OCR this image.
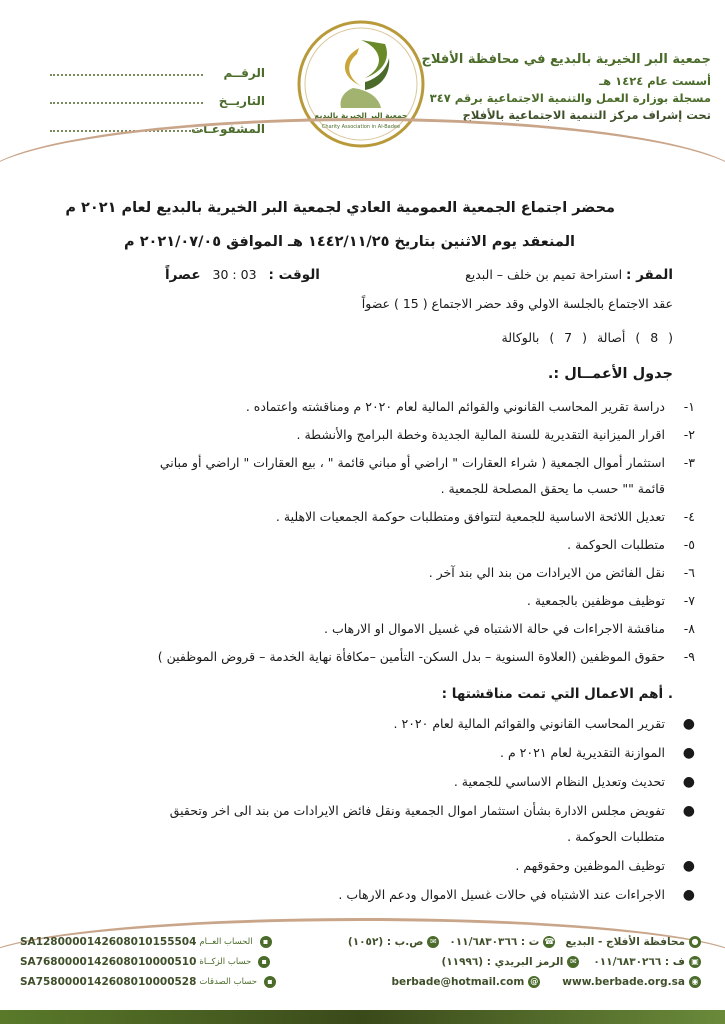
جمعية البر الخيرية بالبديع في محافظة الأفلاج
أسست عام ١٤٢٤ هـ
مسجلة بوزارة العمل والتنمية الاجتماعية برقم ٣٤٧
تحت إشراف مركز التنمية الاجتماعية بالأفلاج
جمعية البر الخيرية بالبديع
Charity Association in Al-Badee
الرقــم
التاريــخ
المشفوعـات
محضر اجتماع الجمعية العمومية العادي لجمعية البر الخيرية بالبديع لعام ٢٠٢١ م
المنعقد يوم الاثنين بتاريخ ١٤٤٢/١١/٢٥ هـ الموافق ٢٠٢١/٠٧/٠٥ م
المقر : استراحة تميم بن خلف – البديع
الوقت : 30 : 03 عصراً
عقد الاجتماع بالجلسة الاولي وقد حضر الاجتماع ( 15 ) عضواً
( 8 ) أصالة ( 7 ) بالوكالة
جدول الأعمــال :.
١-
دراسة تقرير المحاسب القانوني والقوائم المالية لعام ٢٠٢٠ م ومناقشته واعتماده .
٢-
اقرار الميزانية التقديرية للسنة المالية الجديدة وخطة البرامج والأنشطة .
٣-
استثمار أموال الجمعية ( شراء العقارات " اراضي أو مباني قائمة " ، بيع العقارات " اراضي أو مباني
قائمة "" حسب ما يحقق المصلحة للجمعية .
٤-
تعديل اللائحة الاساسية للجمعية لتتوافق ومتطلبات حوكمة الجمعيات الاهلية .
٥-
متطلبات الحوكمة .
٦-
نقل الفائض من الايرادات من بند الي بند آخر .
٧-
توظيف موظفين بالجمعية .
٨-
مناقشة الاجراءات في حالة الاشتباه في غسيل الاموال او الارهاب .
٩-
حقوق الموظفين (العلاوة السنوية – بدل السكن- التأمين –مكافأة نهاية الخدمة – قروض الموظفين )
. أهم الاعمال التي تمت مناقشتها :
●
تقرير المحاسب القانوني والقوائم المالية لعام ٢٠٢٠ .
●
الموازنة التقديرية لعام ٢٠٢١ م .
●
تحديث وتعديل النظام الاساسي للجمعية .
●
تفويض مجلس الادارة بشأن استثمار اموال الجمعية ونقل فائض الايرادات من بند الى اخر وتحقيق
متطلبات الحوكمة .
●
توظيف الموظفين وحقوقهم .
●
الاجراءات عند الاشتباه في حالات غسيل الاموال ودعم الارهاب .
SA1280000142608010155504 الحساب العــام	▪
SA7680000142608010000510 حساب الزكــاة	▪
SA7580000142608010000528 حساب الصدقات	▪
●
محافظة الأفلاج - البديع
☎
ت : ٠١١/٦٨٣٠٣٦٦
✉
ص.ب : (١٠٥٢)
▣
ف : ٠١١/٦٨٣٠٢٦٦
✉
الرمز البريدي : (١١٩٩٦)
berbade@hotmail.com @ www.berbade.org.sa ◉
